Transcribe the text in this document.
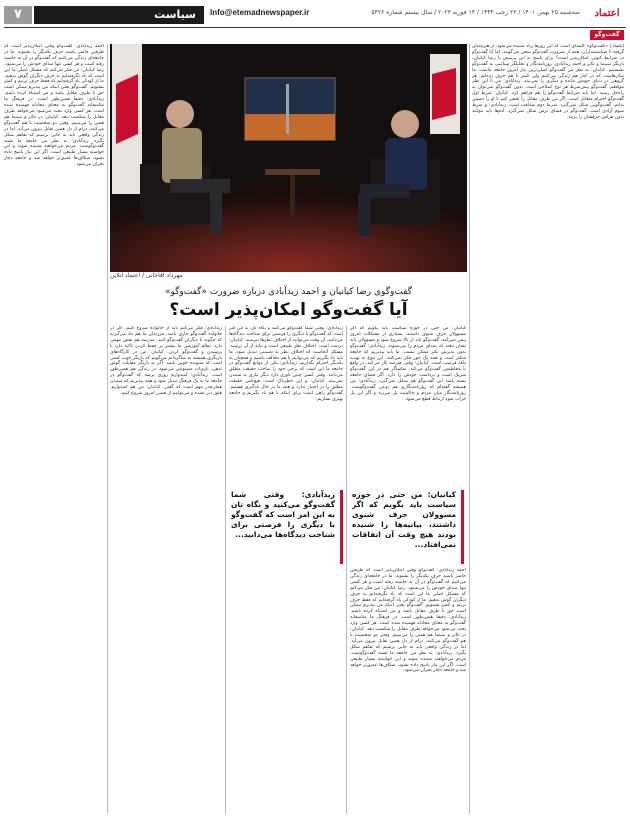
۷	سیاست	Info@etemadnewspaper.ir	سه‌شنبه ۲۵ بهمن ۱۴۰۱ / ۲۳ رجب ۱۴۴۴ / ۱۴ فوریه ۲۰۲۳ / سال بیستم شماره ۵۴۲۶	اعتماد
گفت‌وگو

احمد زیدآبادی: گفت‌وگو وقتی امکان‌پذیر است که طرفین حاضر باشند حرف یکدیگر را بشنوند. ما در جامعه‌ای زندگی می‌کنیم که گفت‌وگو در آن به حاشیه رفته است و هر کسی تنها صدای خودش را می‌شنود. رضا کیانیان: من فکر می‌کنم که مشکل اصلی ما این است که یاد نگرفته‌ایم به حرف دیگران گوش بدهیم. ما از کودکی یاد گرفته‌ایم که فقط حرف بزنیم و کمتر بشنویم. گفت‌وگو یعنی اینکه من بپذیرم ممکن است حق با طرف مقابل باشد و من اشتباه کرده باشم. زیدآبادی: دقیقا همین‌طور است. در فرهنگ ما متاسفانه گفت‌وگو به معنای مجادله فهمیده شده است. هر کسی وارد بحث می‌شود می‌خواهد طرف مقابل را شکست دهد. کیانیان: در تئاتر و سینما هم همین را می‌بینیم. وقتی دو شخصیت با هم گفت‌وگو می‌کنند، درام از دل همین تقابل بیرون می‌آید. اما در زندگی واقعی باید به جایی برسیم که تفاهم شکل بگیرد. زیدآبادی: به نظر من جامعه ما تشنه گفت‌وگوست. مردم می‌خواهند شنیده شوند و این خواسته بسیار طبیعی است. اگر این نیاز پاسخ داده نشود، شکاف‌ها عمیق‌تر خواهد شد و جامعه دچار بحران می‌شود.

مهرداد آقاخانی / اعتماد آنلاین

اعتماد | «گفت‌وگو» کلمه‌ای است که این روزها زیاد شنیده می‌شود. از هنرمندان گرفته تا سیاستمداران، همه از ضرورت گفت‌وگو سخن می‌گویند. اما آیا گفت‌وگو در شرایط کنونی امکان‌پذیر است؟ برای پاسخ به این پرسش با رضا کیانیان، بازیگر سینما و تئاتر و احمد زیدآبادی، روزنامه‌نگار و تحلیلگر سیاسی به گفت‌وگو نشستیم. کیانیان: به نظر من گفت‌وگو اصلی‌ترین نیاز امروز جامعه ماست. ما سال‌هاست که در کنار هم زندگی می‌کنیم ولی کمتر با هم حرف زده‌ایم. هر گروهی در دنیای خودش مانده و دیگری را نمی‌بیند. زیدآبادی: من با این نظر موافقم. گفت‌وگو پیش‌شرط هر نوع اصلاحی است. بدون گفت‌وگو نمی‌توان به راه‌حل رسید. اما باید شرایط گفت‌وگو را هم فراهم کرد. کیانیان: شرط اول گفت‌وگو احترام متقابل است. اگر من طرف مقابل را تحقیر کنم یا او را دشمن بدانم، گفت‌وگویی شکل نمی‌گیرد. شرط دوم صداقت است. زیدآبادی: و شرط سوم آزادی است. گفت‌وگو در فضای ترس شکل نمی‌گیرد. آدم‌ها باید بتوانند بدون هراس حرفشان را بزنند.

گفت‌وگوی رضا کیانیان و احمد زیدآبادی درباره ضرورت «گفت‌وگو»
آیا گفت‌وگو امکان‌پذیر است؟

زیدآبادی: فکر می‌کنم باید از خانواده شروع کنیم. اگر در خانواده گفت‌وگو جاری باشد، فرزندان ما هم یاد می‌گیرند که چگونه با دیگران گفت‌وگو کنند. مدرسه هم نقش مهمی دارد. نظام آموزشی ما بیشتر بر حفظ کردن تاکید دارد تا پرسیدن و گفت‌وگو کردن. کیانیان: من در کارگاه‌های بازیگری همیشه به شاگردانم می‌گویم که بازیگر خوب کسی است که شنونده خوبی باشد. اگر به بازیگر مقابلت گوش ندهی، بازی‌ات مصنوعی می‌شود. در زندگی هم همین‌طور است. زیدآبادی: امیدوارم روزی برسد که گفت‌وگو در جامعه ما به یک فرهنگ تبدیل شود و همه بپذیریم که شنیدن همان‌قدر مهم است که گفتن. کیانیان: من هم امیدوارم. هنوز دیر نشده و می‌توانیم از همین امروز شروع کنیم.

زیدآبادی: وقتی شما گفت‌وگو می‌کنید و نگاه تان به این امر است که گفت‌وگو با دیگری را فرصتی برای شناخت دیدگاه‌ها می‌دانید، آن وقت می‌توانید از اختلاف نظرها نترسید. کیانیان: درست است. اختلاف نظر طبیعی است و نباید از آن ترسید. مشکل آنجاست که اختلاف نظر به دشمنی تبدیل شود. ما باید یاد بگیریم که می‌توانیم با هم مخالف باشیم و همچنان به یکدیگر احترام بگذاریم. زیدآبادی: یکی از موانع گفت‌وگو در جامعه ما این است که برخی خود را صاحب حقیقت مطلق می‌دانند. وقتی کسی چنین باوری دارد دیگر نیازی به شنیدن نمی‌بیند. کیانیان: و این خطرناک است. هیچ‌کس حقیقت مطلق را در اختیار ندارد و همه ما در حال یادگیری هستیم. گفت‌وگو راهی است برای اینکه با هم یاد بگیریم و جامعه بهتری بسازیم.

کیانیان: من حتی در حوزه سیاست باید بگویم که اگر مسوولان حرف شنوی داشتند، بسیاری از مشکلات امروز پیش نمی‌آمد. گفت‌وگو باید از بالا شروع شود و مسوولان باید نشان دهند که صدای مردم را می‌شنوند. زیدآبادی: گفت‌وگو بدون پذیرش تکثر ممکن نیست. ما باید بپذیریم که جامعه متکثر است و همه یک جور فکر نمی‌کنند. این تنوع نه تهدید بلکه فرصت است. کیانیان: وقتی هنرمند کار می‌کند، در واقع با مخاطبش گفت‌وگو می‌کند. تماشاگر هم در این گفت‌وگو شریک است و برداشت خودش را دارد. اگر فضای جامعه بسته باشد این گفت‌وگو هم شکل نمی‌گیرد. زیدآبادی: من همیشه گفته‌ام که روزنامه‌نگاری هم نوعی گفت‌وگوست. روزنامه‌نگار میان مردم و حاکمیت پل می‌زند و اگر این پل خراب شود ارتباط قطع می‌شود.

کیانیان: من حتی در حوزه سیاست باید بگویم که اگر مسوولان حرف شنوی داشتند، بیانیه‌ها را شنیده بودند هیچ وقت آن اتفاقات نمی‌افتاد...
زیدآبادی: وقتی شما گفت‌وگو می‌کنید و نگاه تان به این امر است که گفت‌وگو با دیگری را فرصتی برای شناخت دیدگاه‌ها می‌دانید...

احمد زیدآبادی: گفت‌وگو وقتی امکان‌پذیر است که طرفین حاضر باشند حرف یکدیگر را بشنوند. ما در جامعه‌ای زندگی می‌کنیم که گفت‌وگو در آن به حاشیه رفته است و هر کسی تنها صدای خودش را می‌شنود. رضا کیانیان: من فکر می‌کنم که مشکل اصلی ما این است که یاد نگرفته‌ایم به حرف دیگران گوش بدهیم. ما از کودکی یاد گرفته‌ایم که فقط حرف بزنیم و کمتر بشنویم. گفت‌وگو یعنی اینکه من بپذیرم ممکن است حق با طرف مقابل باشد و من اشتباه کرده باشم. زیدآبادی: دقیقا همین‌طور است. در فرهنگ ما متاسفانه گفت‌وگو به معنای مجادله فهمیده شده است. هر کسی وارد بحث می‌شود می‌خواهد طرف مقابل را شکست دهد. کیانیان: در تئاتر و سینما هم همین را می‌بینیم. وقتی دو شخصیت با هم گفت‌وگو می‌کنند، درام از دل همین تقابل بیرون می‌آید. اما در زندگی واقعی باید به جایی برسیم که تفاهم شکل بگیرد. زیدآبادی: به نظر من جامعه ما تشنه گفت‌وگوست. مردم می‌خواهند شنیده شوند و این خواسته بسیار طبیعی است. اگر این نیاز پاسخ داده نشود، شکاف‌ها عمیق‌تر خواهد شد و جامعه دچار بحران می‌شود.
